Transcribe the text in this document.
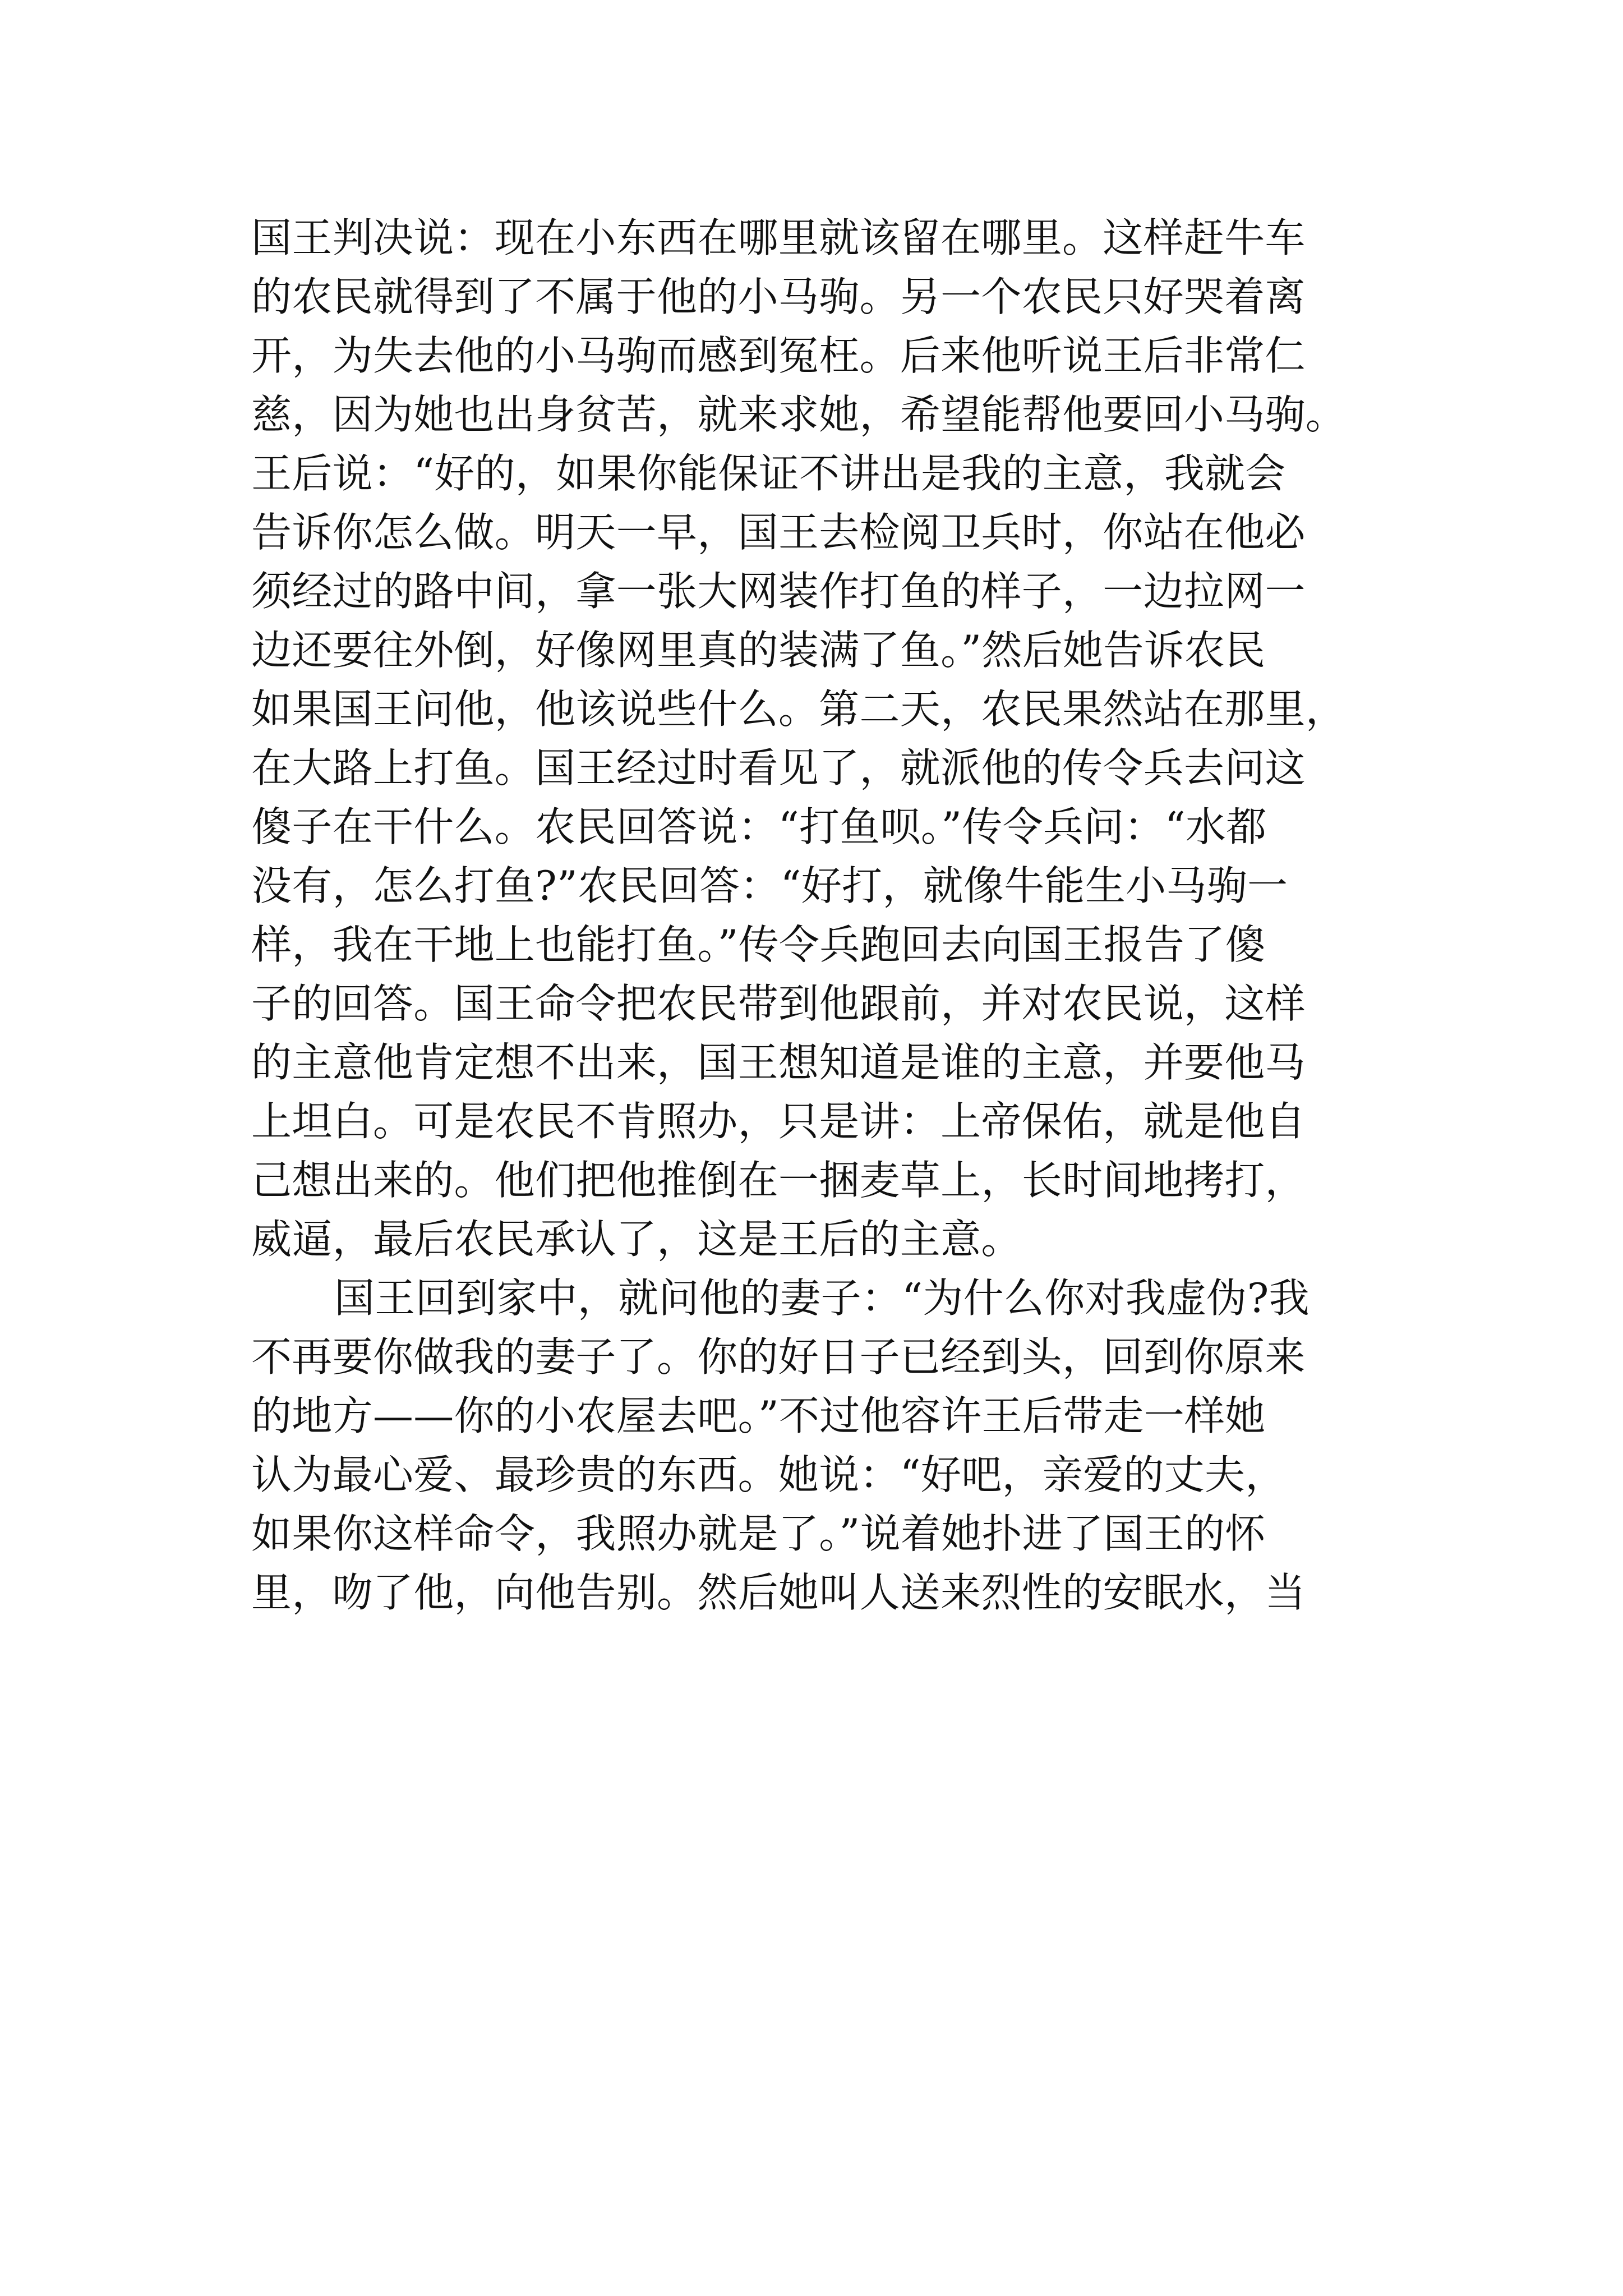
国王判决说：现在小东西在哪里就该留在哪里。这样赶牛车
的农民就得到了不属于他的小马驹。另一个农民只好哭着离
开，为失去他的小马驹而感到冤枉。后来他听说王后非常仁
慈，因为她也出身贫苦，就来求她，希望能帮他要回小马驹。
王后说：“好的，如果你能保证不讲出是我的主意，我就会
告诉你怎么做。明天一早，国王去检阅卫兵时，你站在他必
须经过的路中间，拿一张大网装作打鱼的样子，一边拉网一
边还要往外倒，好像网里真的装满了鱼。”然后她告诉农民
如果国王问他，他该说些什么。第二天，农民果然站在那里，
在大路上打鱼。国王经过时看见了，就派他的传令兵去问这
傻子在干什么。农民回答说：“打鱼呗。”传令兵问：“水都
没有，怎么打鱼?”农民回答：“好打，就像牛能生小马驹一
样，我在干地上也能打鱼。”传令兵跑回去向国王报告了傻
子的回答。国王命令把农民带到他跟前，并对农民说，这样
的主意他肯定想不出来，国王想知道是谁的主意，并要他马
上坦白。可是农民不肯照办，只是讲：上帝保佑，就是他自
己想出来的。他们把他推倒在一捆麦草上，长时间地拷打，
威逼，最后农民承认了，这是王后的主意。
国王回到家中，就问他的妻子：“为什么你对我虚伪?我
不再要你做我的妻子了。你的好日子已经到头，回到你原来
的地方——你的小农屋去吧。”不过他容许王后带走一样她
认为最心爱、最珍贵的东西。她说：“好吧，亲爱的丈夫，
如果你这样命令，我照办就是了。”说着她扑进了国王的怀
里，吻了他，向他告别。然后她叫人送来烈性的安眠水，当
